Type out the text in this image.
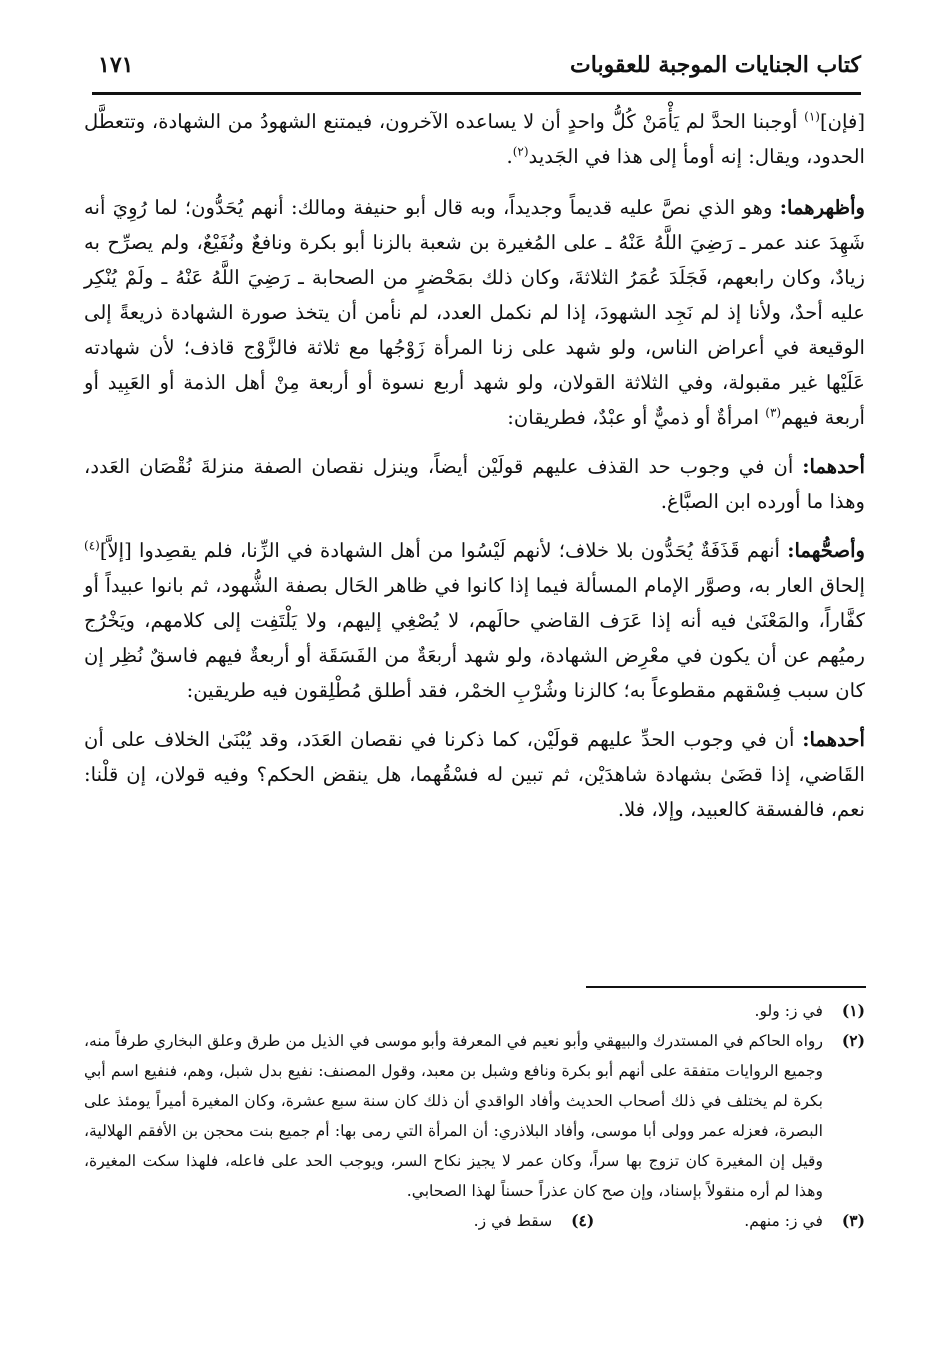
كتاب الجنايات الموجبة للعقوبات
١٧١

[فإن]$^{(١)}$ أوجبنا الحدَّ لم يَأْمَنْ كُلُّ واحدٍ أن لا يساعده الآخرون، فيمتنع الشهودُ من الشهادة، وتتعطَّل الحدود، ويقال: إنه أومأ إلى هذا في الجَديد$^{(٢)}$.

وأظهرهما: وهو الذي نصَّ عليه قديماً وجديداً، وبه قال أبو حنيفة ومالك: أنهم يُحَدُّون؛ لما رُوِيَ أنه شَهِدَ عند عمر ـ رَضِيَ اللَّهُ عَنْهُ ـ على المُغيرة بن شعبة بالزنا أبو بكرة ونافعٌ ونُفَيْعٌ، ولم يصرِّح به زيادٌ، وكان رابعهم، فَجَلَدَ عُمَرُ الثلاثةَ، وكان ذلك بمَحْضرٍ من الصحابة ـ رَضِيَ اللَّهُ عَنْهُ ـ ولَمْ يُنْكِر عليه أحدٌ، ولأنا إذ لم نَجِد الشهودَ، إذا لم نكمل العدد، لم نأمن أن يتخذ صورة الشهادة ذريعةً إلى الوقيعة في أعراض الناس، ولو شهد على زنا المرأة زَوْجُها مع ثلاثة فالزَّوْج قاذف؛ لأن شهادته عَلَيْها غير مقبولة، وفي الثلاثة القولان، ولو شهد أربع نسوة أو أربعة مِنْ أهل الذمة أو العَبِيد أو أربعة فيهم$^{(٣)}$ امرأةٌ أو ذميٌّ أو عبْدٌ، فطريقان:

أحدهما: أن في وجوب حد القذف عليهم قولَيْن أيضاً، وينزل نقصان الصفة منزلةَ نُقْصَان العَدد، وهذا ما أورده ابن الصبَّاغ.

وأصحُّهما: أنهم قَذَفَةٌ يُحَدُّون بلا خلاف؛ لأنهم لَيْسُوا من أهل الشهادة في الزِّنا، فلم يقصِدوا [إلاَّ]$^{(٤)}$ إلحاق العار به، وصوَّر الإمام المسألة فيما إذا كانوا في ظاهر الحَال بصفة الشُّهود، ثم بانوا عبيداً أو كفَّاراً، والمَعْنَىٰ فيه أنه إذا عَرَف القاضي حالَهم، لا يُصْغِي إليهم، ولا يَلْتَفِت إلى كلامهم، ويَخْرُج رميُهم عن أن يكون في معْرِض الشهادة، ولو شهد أربعَةٌ من الفَسَقَة أو أربعةٌ فيهم فاسقٌ نُظِر إن كان سبب فِسْقهم مقطوعاً به؛ كالزنا وشُرْبِ الخمْر، فقد أطلق مُطْلِقون فيه طريقين:

أحدهما: أن في وجوب الحدِّ عليهم قولَيْن، كما ذكرنا في نقصان العَدَد، وقد يُبْنَىٰ الخلاف على أن القَاضي، إذا قضَىٰ بشهادة شاهدَيْن، ثم تبين له فسْقُهما، هل ينقض الحكم؟ وفيه قولان، إن قلْنا: نعم، فالفسقة كالعبيد، وإلا، فلا.

(١)
في ز: ولو.
(٢)
رواه الحاكم في المستدرك والبيهقي وأبو نعيم في المعرفة وأبو موسى في الذيل من طرق وعلق البخاري طرفاً منه، وجميع الروايات متفقة على أنهم أبو بكرة ونافع وشبل بن معبد، وقول المصنف: نفيع بدل شبل، وهم، فنفيع اسم أبي بكرة لم يختلف في ذلك أصحاب الحديث وأفاد الواقدي أن ذلك كان سنة سبع عشرة، وكان المغيرة أميراً يومئذ على البصرة، فعزله عمر وولى أبا موسى، وأفاد البلاذري: أن المرأة التي رمى بها: أم جميع بنت محجن بن الأفقم الهلالية، وقيل إن المغيرة كان تزوج بها سراً، وكان عمر لا يجيز نكاح السر، ويوجب الحد على فاعله، فلهذا سكت المغيرة، وهذا لم أره منقولاً بإسناد، وإن صح كان عذراً حسناً لهذا الصحابي.
(٣)
في ز: منهم.
(٤)
سقط في ز.
